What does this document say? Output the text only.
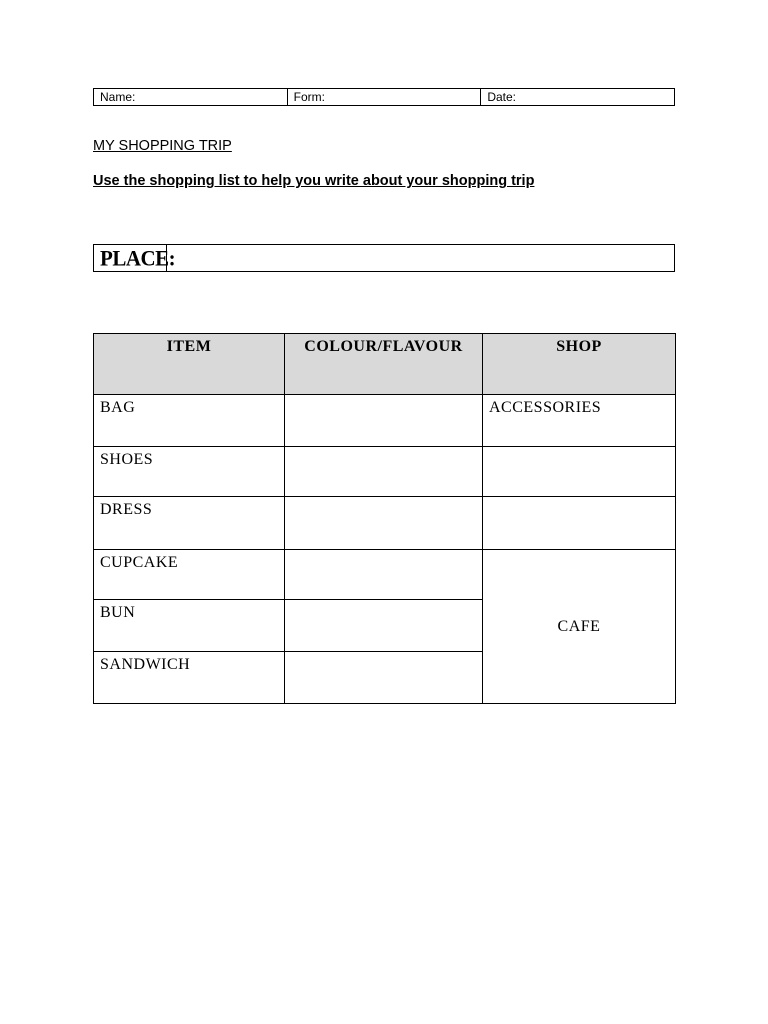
Name:	Form:	Date:
MY SHOPPING TRIP
Use the shopping list to help you write about your shopping trip
PLACE:
ITEM	COLOUR/FLAVOUR	SHOP
BAG		ACCESSORIES
SHOES		
DRESS		
CUPCAKE		CAFE
BUN		
SANDWICH		
